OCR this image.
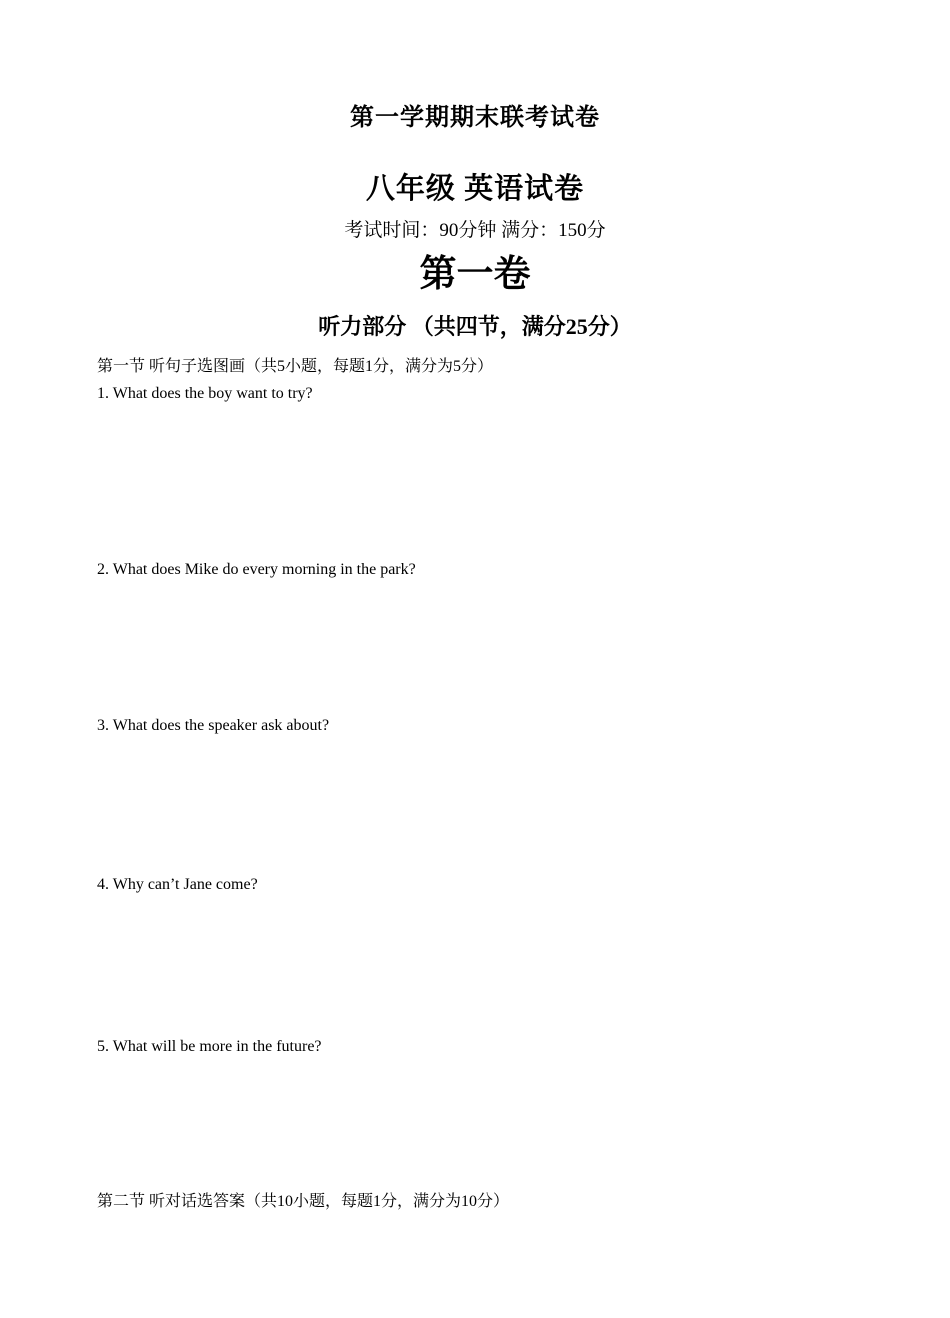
第一学期期末联考试卷
八年级 英语试卷
考试时间：90分钟 满分：150分
第一卷
听力部分 （共四节，满分25分）
第一节 听句子选图画（共5小题，每题1分，满分为5分）
1. What does the boy want to try?
2. What does Mike do every morning in the park?
3. What does the speaker ask about?
4. Why can’t Jane come?
5. What will be more in the future?
第二节 听对话选答案（共10小题，每题1分，满分为10分）
